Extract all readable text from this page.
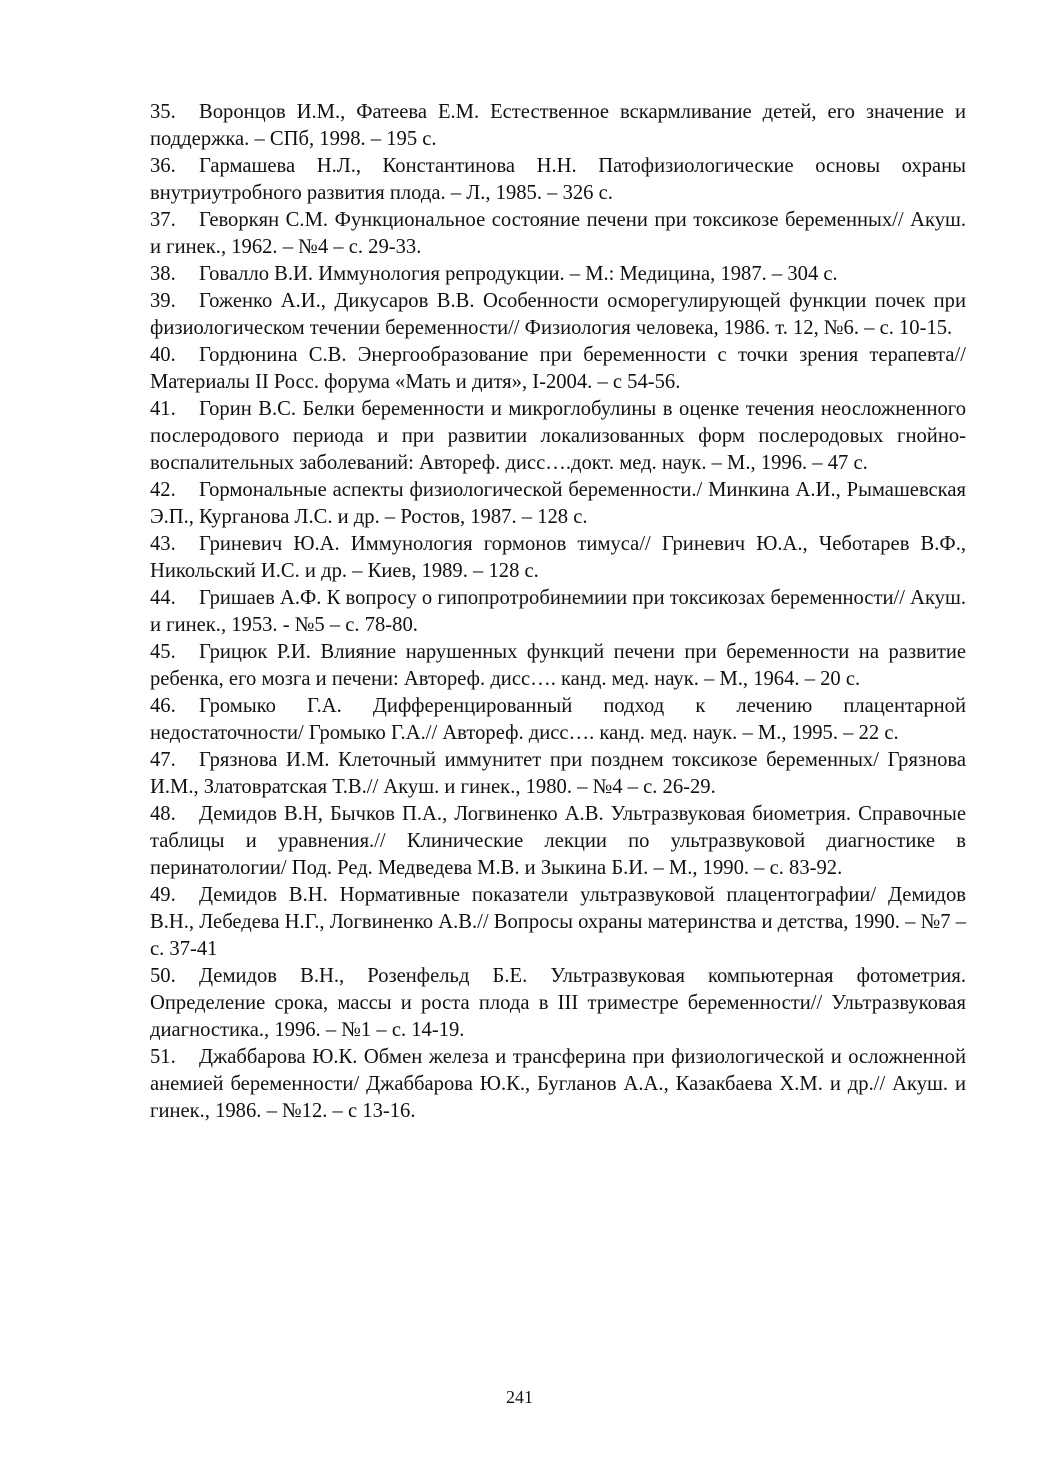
35. Воронцов И.М., Фатеева Е.М. Естественное вскармливание детей, его значение и поддержка. – СПб, 1998. – 195 с.
36. Гармашева Н.Л., Константинова Н.Н. Патофизиологические основы охраны внутриутробного развития плода. – Л., 1985. – 326 с.
37. Геворкян С.М. Функциональное состояние печени при токсикозе беременных// Акуш. и гинек., 1962. – №4 – с. 29-33.
38. Говалло В.И. Иммунология репродукции. – М.: Медицина, 1987. – 304 с.
39. Гоженко А.И., Дикусаров В.В. Особенности осморегулирующей функции почек при физиологическом течении беременности// Физиология человека, 1986. т. 12, №6. – с. 10-15.
40. Гордюнина С.В. Энергообразование при беременности с точки зрения терапевта// Материалы II Росс. форума «Мать и дитя», I-2004. – с 54-56.
41. Горин В.С. Белки беременности и микроглобулины в оценке течения неосложненного послеродового периода и при развитии локализованных форм послеродовых гнойно-воспалительных заболеваний: Автореф. дисс….докт. мед. наук. – М., 1996. – 47 с.
42. Гормональные аспекты физиологической беременности./ Минкина А.И., Рымашевская Э.П., Курганова Л.С. и др. – Ростов, 1987. – 128 с.
43. Гриневич Ю.А. Иммунология гормонов тимуса// Гриневич Ю.А., Чеботарев В.Ф., Никольский И.С. и др. – Киев, 1989. – 128 с.
44. Гришаев А.Ф. К вопросу о гипопротробинемиии при токсикозах беременности// Акуш. и гинек., 1953. - №5 – с. 78-80.
45. Грицюк Р.И. Влияние нарушенных функций печени при беременности на развитие ребенка, его мозга и печени: Автореф. дисс…. канд. мед. наук. – М., 1964. – 20 с.
46. Громыко Г.А. Дифференцированный подход к лечению плацентарной недостаточности/ Громыко Г.А.// Автореф. дисс…. канд. мед. наук. – М., 1995. – 22 с.
47. Грязнова И.М. Клеточный иммунитет при позднем токсикозе беременных/ Грязнова И.М., Златовратская Т.В.// Акуш. и гинек., 1980. – №4 – с. 26-29.
48. Демидов В.Н, Бычков П.А., Логвиненко А.В. Ультразвуковая биометрия. Справочные таблицы и уравнения.// Клинические лекции по ультразвуковой диагностике в перинатологии/ Под. Ред. Медведева М.В. и Зыкина Б.И. – М., 1990. – с. 83-92.
49. Демидов В.Н. Нормативные показатели ультразвуковой плацентографии/ Демидов В.Н., Лебедева Н.Г., Логвиненко А.В.// Вопросы охраны материнства и детства, 1990. – №7 – с. 37-41
50. Демидов В.Н., Розенфельд Б.Е. Ультразвуковая компьютерная фотометрия. Определение срока, массы и роста плода в III триместре беременности// Ультразвуковая диагностика., 1996. – №1 – с. 14-19.
51. Джаббарова Ю.К. Обмен железа и трансферина при физиологической и осложненной анемией беременности/ Джаббарова Ю.К., Бугланов А.А., Казакбаева Х.М. и др.// Акуш. и гинек., 1986. – №12. – с 13-16.
241
